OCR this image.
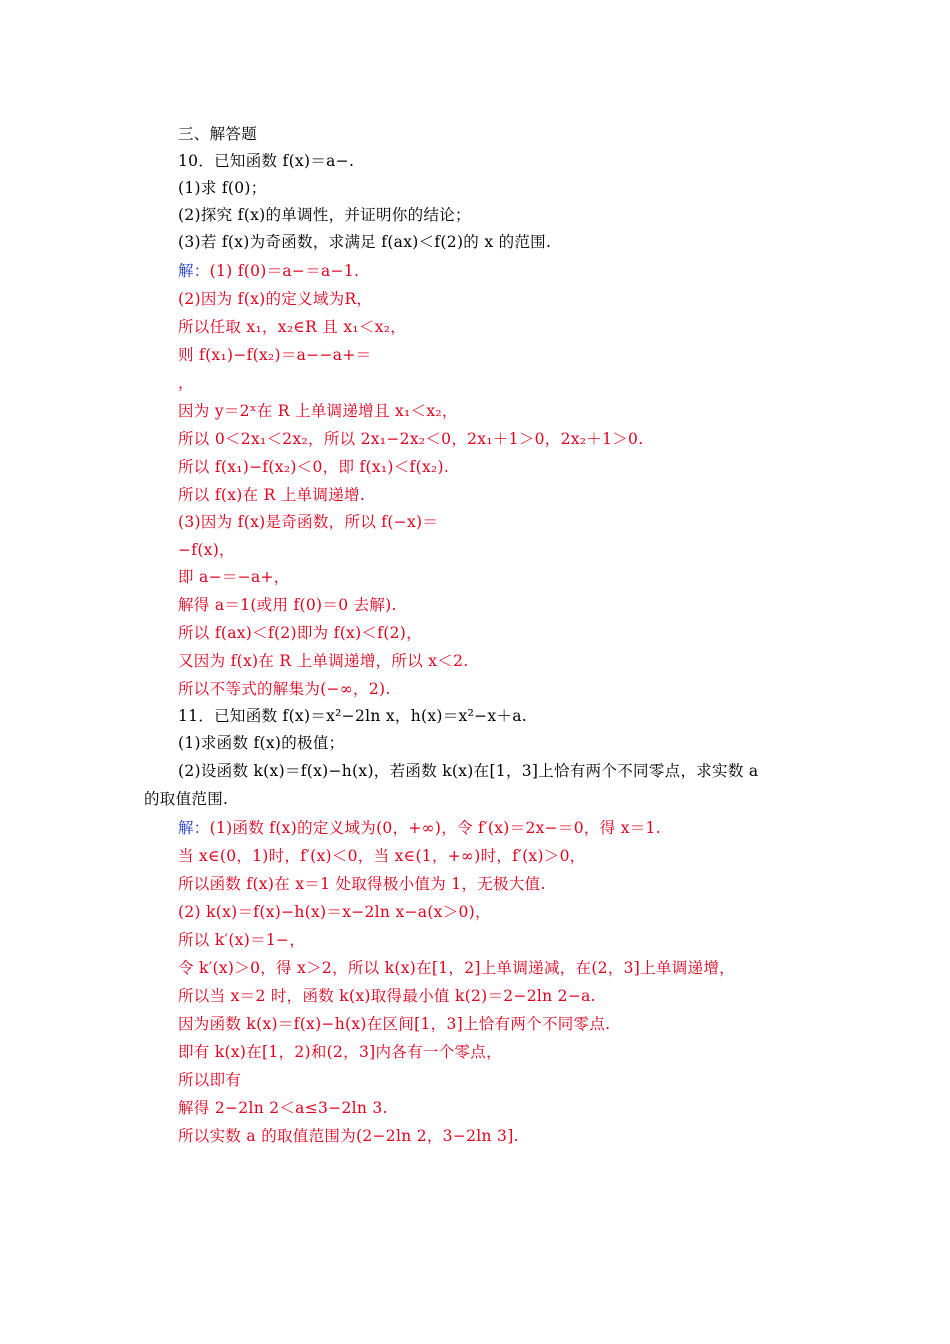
三、解答题
10．已知函数 f(x)＝a−.
(1)求 f(0)；
(2)探究 f(x)的单调性，并证明你的结论；
(3)若 f(x)为奇函数，求满足 f(ax)＜f(2)的 x 的范围.
解：(1) f(0)＝a−＝a−1.
(2)因为 f(x)的定义域为R，
所以任取 x₁，x₂∈R 且 x₁＜x₂，
则 f(x₁)−f(x₂)＝a−−a+＝
，
因为 y＝2ˣ在 R 上单调递增且 x₁＜x₂，
所以 0＜2x₁＜2x₂，所以 2x₁−2x₂＜0，2x₁＋1＞0，2x₂＋1＞0.
所以 f(x₁)−f(x₂)＜0，即 f(x₁)＜f(x₂).
所以 f(x)在 R 上单调递增.
(3)因为 f(x)是奇函数，所以 f(−x)＝
−f(x)，
即 a−＝−a+，
解得 a＝1(或用 f(0)＝0 去解).
所以 f(ax)＜f(2)即为 f(x)＜f(2)，
又因为 f(x)在 R 上单调递增，所以 x＜2.
所以不等式的解集为(−∞，2).
11．已知函数 f(x)＝x²−2ln x，h(x)＝x²−x＋a.
(1)求函数 f(x)的极值；
(2)设函数 k(x)＝f(x)−h(x)，若函数 k(x)在[1，3]上恰有两个不同零点，求实数 a
的取值范围.
解：(1)函数 f(x)的定义域为(0，+∞)，令 f′(x)＝2x−＝0，得 x＝1.
当 x∈(0，1)时，f′(x)＜0，当 x∈(1，+∞)时，f′(x)＞0，
所以函数 f(x)在 x＝1 处取得极小值为 1，无极大值.
(2) k(x)＝f(x)−h(x)＝x−2ln x−a(x＞0)，
所以 k′(x)＝1−，
令 k′(x)＞0，得 x＞2，所以 k(x)在[1，2]上单调递减，在(2，3]上单调递增，
所以当 x＝2 时，函数 k(x)取得最小值 k(2)＝2−2ln 2−a.
因为函数 k(x)＝f(x)−h(x)在区间[1，3]上恰有两个不同零点.
即有 k(x)在[1，2)和(2，3]内各有一个零点，
所以即有
解得 2−2ln 2＜a≤3−2ln 3.
所以实数 a 的取值范围为(2−2ln 2，3−2ln 3].
